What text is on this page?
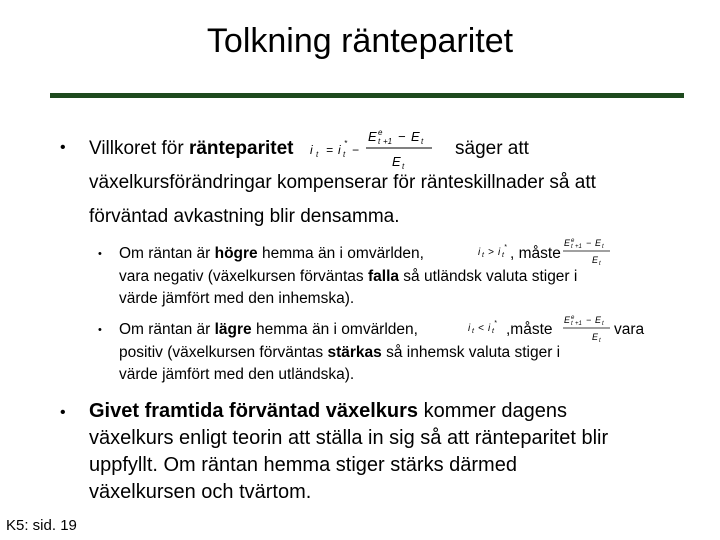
Tolkning ränteparitet
• Villkoret för ränteparitet i t = i t
* −
E e
t +1 − E t
E t
säger att
växelkursförändringar kompenserar för ränteskillnader så att
förväntad avkastning blir densamma.
• Om räntan är högre hemma än i omvärlden,	i t > i t
* , måste
E e
t +1 − E t
E t
vara negativ (växelkursen förväntas falla så utländsk valuta stiger i
värde jämfört med den inhemska).
• Om räntan är lägre hemma än i omvärlden,	i t < i t
* ,måste
E e
t +1 − E t
E t
vara
positiv (växelkursen förväntas stärkas så inhemsk valuta stiger i
värde jämfört med den utländska).
• Givet framtida förväntad växelkurs kommer dagens
växelkurs enligt teorin att ställa in sig så att ränteparitet blir
uppfyllt. Om räntan hemma stiger stärks därmed
växelkursen och tvärtom.
K5: sid. 19
